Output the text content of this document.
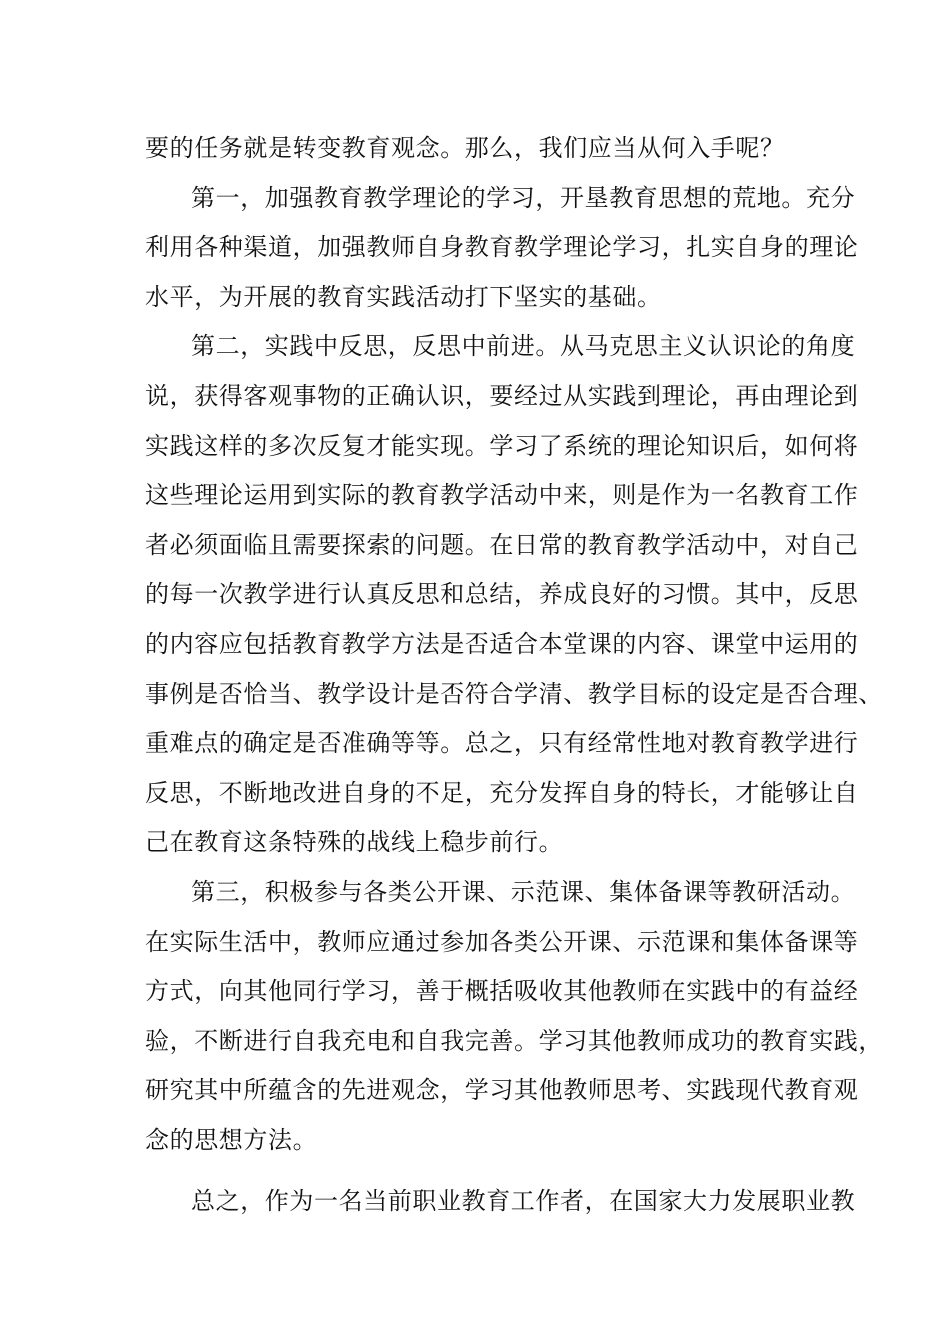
要的任务就是转变教育观念。那么，我们应当从何入手呢？
第一，加强教育教学理论的学习，开垦教育思想的荒地。充分
利用各种渠道，加强教师自身教育教学理论学习，扎实自身的理论
水平，为开展的教育实践活动打下坚实的基础。
第二，实践中反思，反思中前进。从马克思主义认识论的角度
说，获得客观事物的正确认识，要经过从实践到理论，再由理论到
实践这样的多次反复才能实现。学习了系统的理论知识后，如何将
这些理论运用到实际的教育教学活动中来，则是作为一名教育工作
者必须面临且需要探索的问题。在日常的教育教学活动中，对自己
的每一次教学进行认真反思和总结，养成良好的习惯。其中，反思
的内容应包括教育教学方法是否适合本堂课的内容、课堂中运用的
事例是否恰当、教学设计是否符合学清、教学目标的设定是否合理、
重难点的确定是否准确等等。总之，只有经常性地对教育教学进行
反思，不断地改进自身的不足，充分发挥自身的特长，才能够让自
己在教育这条特殊的战线上稳步前行。
第三，积极参与各类公开课、示范课、集体备课等教研活动。
在实际生活中，教师应通过参加各类公开课、示范课和集体备课等
方式，向其他同行学习，善于概括吸收其他教师在实践中的有益经
验，不断进行自我充电和自我完善。学习其他教师成功的教育实践，
研究其中所蕴含的先进观念，学习其他教师思考、实践现代教育观
念的思想方法。
总之，作为一名当前职业教育工作者，在国家大力发展职业教
